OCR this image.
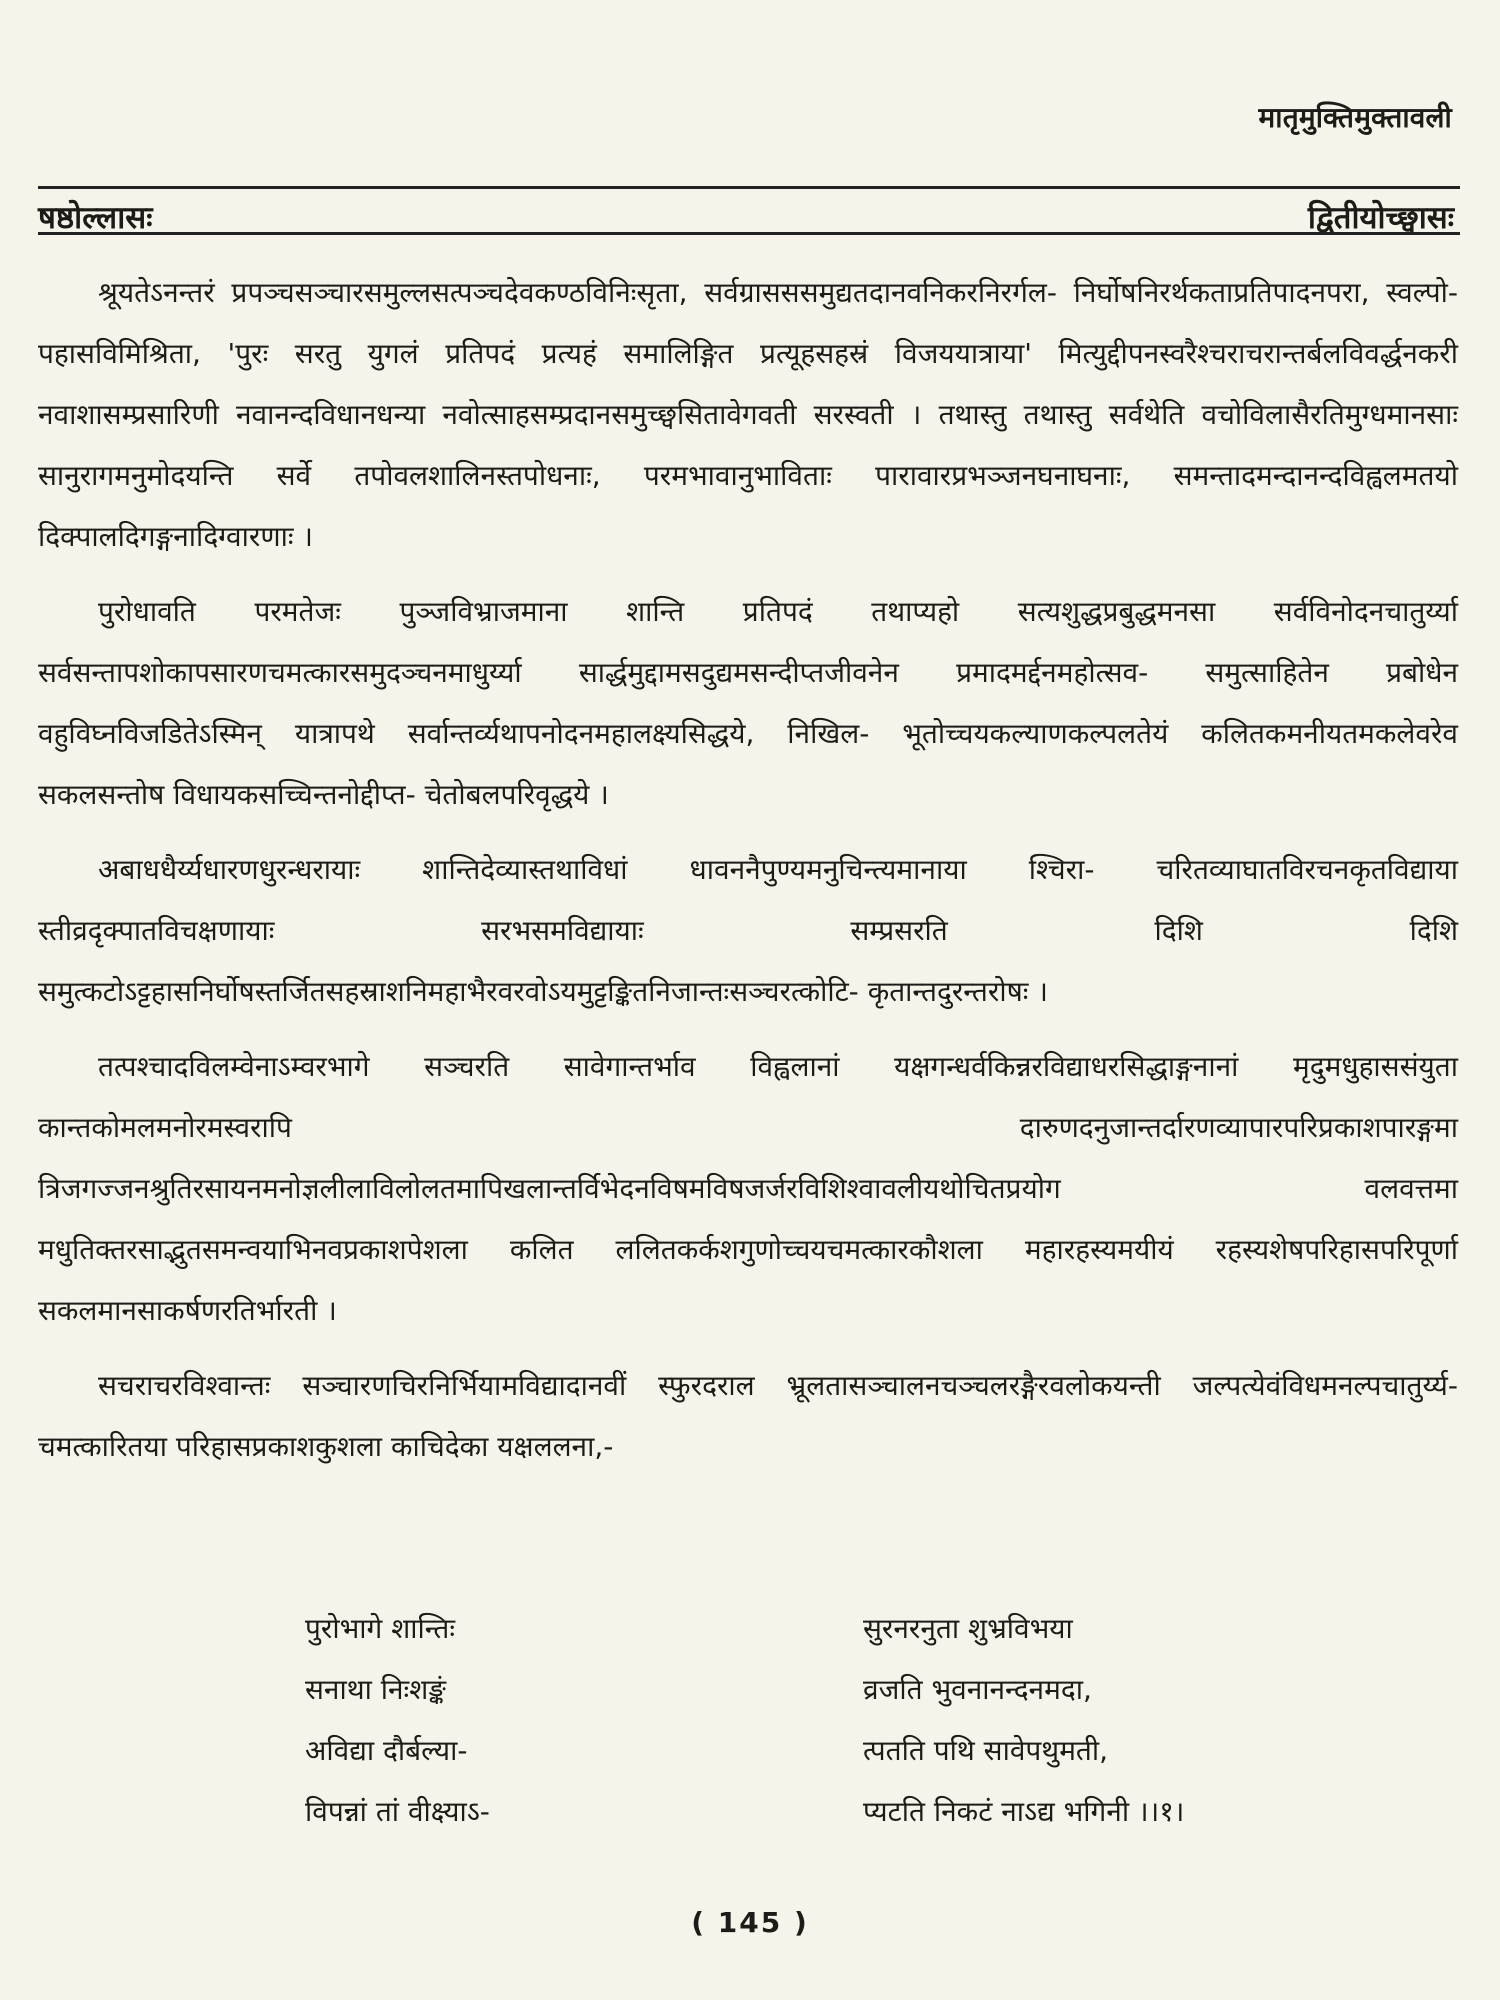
मातृमुक्तिमुक्तावली
षष्ठोल्लासः	द्वितीयोच्छ्वासः

श्रूयतेऽनन्तरं प्रपञ्चसञ्चारसमुल्लसत्पञ्चदेवकण्ठविनिःसृता, सर्वग्रासससमुद्यतदानवनिकरनिरर्गल- निर्घोषनिरर्थकताप्रतिपादनपरा, स्वल्पो- पहासविमिश्रिता, 'पुरः सरतु युगलं प्रतिपदं प्रत्यहं समालिङ्गित प्रत्यूहसहस्रं विजययात्राया' मित्युद्दीपनस्वरैश्चराचरान्तर्बलविवर्द्धनकरी नवाशासम्प्रसारिणी नवानन्दविधानधन्या नवोत्साहसम्प्रदानसमुच्छ्वसितावेगवती सरस्वती । तथास्तु तथास्तु सर्वथेति वचोविलासैरतिमुग्धमानसाः सानुरागमनुमोदयन्ति सर्वे तपोवलशालिनस्तपोधनाः, परमभावानुभाविताः पारावारप्रभञ्जनघनाघनाः, समन्तादमन्दानन्दविह्वलमतयो दिक्पालदिगङ्गनादिग्वारणाः ।

पुरोधावति परमतेजः पुञ्जविभ्राजमाना शान्ति प्रतिपदं तथाप्यहो सत्यशुद्धप्रबुद्धमनसा सर्वविनोदनचातुर्य्या सर्वसन्तापशोकापसारणचमत्कारसमुदञ्चनमाधुर्य्या सार्द्धमुद्दामसदुद्यमसन्दीप्तजीवनेन प्रमादमर्द्दनमहोत्सव- समुत्साहितेन प्रबोधेन वहुविघ्नविजडितेऽस्मिन् यात्रापथे सर्वान्तर्व्यथापनोदनमहालक्ष्यसिद्धये, निखिल- भूतोच्चयकल्याणकल्पलतेयं कलितकमनीयतमकलेवरेव सकलसन्तोष विधायकसच्चिन्तनोद्दीप्त- चेतोबलपरिवृद्धये ।

अबाधधैर्य्यधारणधुरन्धरायाः शान्तिदेव्यास्तथाविधां धावननैपुण्यमनुचिन्त्यमानाया श्चिरा- चरितव्याघातविरचनकृतविद्याया स्तीव्रदृक्पातविचक्षणायाः सरभसमविद्यायाः सम्प्रसरति दिशि दिशि समुत्कटोऽट्टहासनिर्घोषस्तर्जितसहस्राशनिमहाभैरवरवोऽयमुट्टङ्कितनिजान्तःसञ्चरत्कोटि- कृतान्तदुरन्तरोषः ।

तत्पश्चादविलम्वेनाऽम्वरभागे सञ्चरति सावेगान्तर्भाव विह्वलानां यक्षगन्धर्वकिन्नरविद्याधरसिद्धाङ्गनानां मृदुमधुहाससंयुता कान्तकोमलमनोरमस्वरापि दारुणदनुजान्तर्दारणव्यापारपरिप्रकाशपारङ्गमा त्रिजगज्जनश्रुतिरसायनमनोज्ञलीलाविलोलतमापिखलान्तर्विभेदनविषमविषजर्जरविशिश्वावलीयथोचितप्रयोग वलवत्तमा मधुतिक्तरसाद्भुतसमन्वयाभिनवप्रकाशपेशला कलित ललितकर्कशगुणोच्चयचमत्कारकौशला महारहस्यमयीयं रहस्यशेषपरिहासपरिपूर्णा सकलमानसाकर्षणरतिर्भारती ।

सचराचरविश्वान्तः सञ्चारणचिरनिर्भियामविद्यादानवीं स्फुरदराल भ्रूलतासञ्चालनचञ्चलरङ्गैरवलोकयन्ती जल्पत्येवंविधमनल्पचातुर्य्य- चमत्कारितया परिहासप्रकाशकुशला काचिदेका यक्षललना,-

पुरोभागे शान्तिः	सुरनरनुता शुभ्रविभया
सनाथा निःशङ्कं	व्रजति भुवनानन्दनमदा,
अविद्या दौर्बल्या-	त्पतति पथि सावेपथुमती,
विपन्नां तां वीक्ष्याऽ-	प्यटति निकटं नाऽद्य भगिनी ।।१।
( 145 )
